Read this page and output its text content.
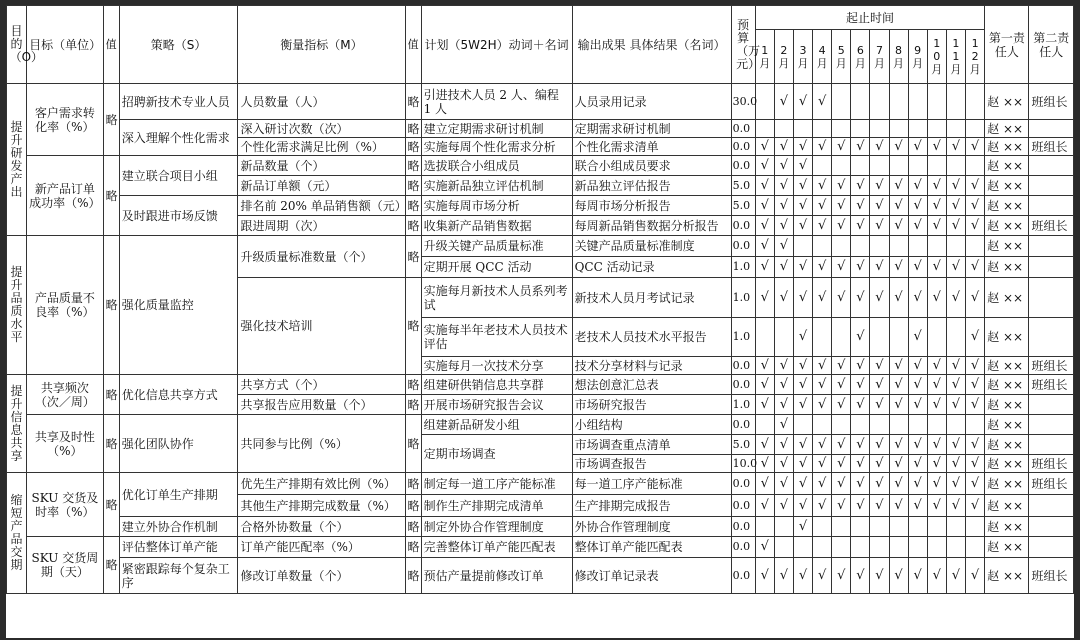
目的（O）	目标（单位）	值	策略（S）	衡量指标（M）	值	计划（5W2H）动词＋名词	输出成果 具体结果（名词）	预算（万元）	起止时间												第一责任人	第二责任人

									1月	2月	3月	4月	5月	6月	7月	8月	9月	10月	11月	12月		

提升研发产出	客户需求转化率（%）	略	招聘新技术专业人员	人员数量（人）	略	引进技术人员 2 人、编程 1 人	人员录用记录	30.0		√	√	√									赵 ××	班组长
			深入理解个性化需求	深入研讨次数（次）	略	建立定期需求研讨机制	定期需求研讨机制	0.0													赵 ××	
				个性化需求满足比例（%）	略	实施每周个性化需求分析	个性化需求清单	0.0	√	√	√	√	√	√	√	√	√	√	√	√	赵 ××	班组长
	新产品订单成功率（%）	略	建立联合项目小组	新品数量（个）	略	选拔联合小组成员	联合小组成员要求	0.0	√	√	√										赵 ××	
				新品订单额（元）	略	实施新品独立评估机制	新品独立评估报告	5.0	√	√	√	√	√	√	√	√	√	√	√	√	赵 ××	
			及时跟进市场反馈	排名前 20% 单品销售额（元）	略	实施每周市场分析	每周市场分析报告	5.0	√	√	√	√	√	√	√	√	√	√	√	√	赵 ××	
				跟进周期（次）	略	收集新产品销售数据	每周新品销售数据分析报告	0.0	√	√	√	√	√	√	√	√	√	√	√	√	赵 ××	班组长

提升品质水平	产品质量不良率（%）	略	强化质量监控	升级质量标准数量（个）	略	升级关键产品质量标准	关键产品质量标准制度	0.0	√	√											赵 ××	
						定期开展 QCC 活动	QCC 活动记录	1.0	√	√	√	√	√	√	√	√	√	√	√	√	赵 ××	
				强化技术培训	略	实施每月新技术人员系列考试	新技术人员月考试记录	1.0	√	√	√	√	√	√	√	√	√	√	√	√	赵 ××	
						实施每半年老技术人员技术评估	老技术人员技术水平报告	1.0			√			√			√			√	赵 ××	
						实施每月一次技术分享	技术分享材料与记录	0.0	√	√	√	√	√	√	√	√	√	√	√	√	赵 ××	班组长

提升信息共享	共享频次（次／周）	略	优化信息共享方式	共享方式（个）	略	组建研供销信息共享群	想法创意汇总表	0.0	√	√	√	√	√	√	√	√	√	√	√	√	赵 ××	班组长
				共享报告应用数量（个）	略	开展市场研究报告会议	市场研究报告	1.0	√	√	√	√	√	√	√	√	√	√	√	√	赵 ××	
	共享及时性（%）	略	强化团队协作	共同参与比例（%）	略	组建新品研发小组	小组结构	0.0		√											赵 ××	
						定期市场调查	市场调查重点清单	5.0	√	√	√	√	√	√	√	√	√	√	√	√	赵 ××	
							市场调查报告	10.0	√	√	√	√	√	√	√	√	√	√	√	√	赵 ××	班组长

缩短产品交期	SKU 交货及时率（%）	略	优化订单生产排期	优先生产排期有效比例（%）	略	制定每一道工序产能标准	每一道工序产能标准	0.0	√	√	√	√	√	√	√	√	√	√	√	√	赵 ××	班组长
				其他生产排期完成数量（%）	略	制作生产排期完成清单	生产排期完成报告	0.0	√	√	√	√	√	√	√	√	√	√	√	√	赵 ××	
			建立外协合作机制	合格外协数量（个）	略	制定外协合作管理制度	外协合作管理制度	0.0			√										赵 ××	
	SKU 交货周期（天）	略	评估整体订单产能	订单产能匹配率（%）	略	完善整体订单产能匹配表	整体订单产能匹配表	0.0	√												赵 ××	
			紧密跟踪每个复杂工序	修改订单数量（个）	略	预估产量提前修改订单	修改订单记录表	0.0	√	√	√	√	√	√	√	√	√	√	√	√	赵 ××	班组长
